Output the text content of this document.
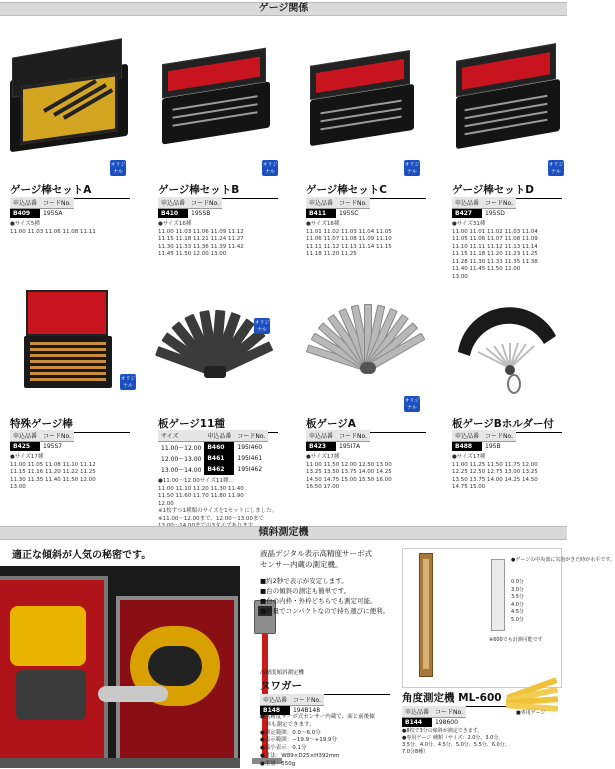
ゲージ関係
オリジナル
オリジナル
オリジナル
オリジナル
ゲージ棒セットA
申込品番	コードNo.
B409	195SA
●サイズ5種
11.00 11.03 11.06 11.08 11.11
ゲージ棒セットB
申込品番	コードNo.
B410	195SB
●サイズ16種
11.00 11.03 11.06 11.09 11.12
11.15 11.18 11.21 11.24 11.27
11.30 11.33 11.36 11.39 11.42
11.45 11.50 12.00 13.00
ゲージ棒セットC
申込品番	コードNo.
B411	195SC
●サイズ16種
11.01 11.02 11.03 11.04 11.05
11.06 11.07 11.08 11.09 11.10
11.11 11.12 11.13 11.14 11.15
11.18 11.20 11.25
ゲージ棒セットD
申込品番	コードNo.
B427	195SD
●サイズ31種
11.00 11.01 11.02 11.03 11.04
11.05 11.06 11.07 11.08 11.09
11.10 11.11 11.12 11.13 11.14
11.15 11.18 11.20 11.23 11.25
11.28 11.30 11.33 11.35 11.38
11.40 11.45 11.50 12.00
13.00
オリジナル
オリジナル
オリジナル
特殊ゲージ棒
申込品番	コードNo.
B425	195S7
●サイズ17種
11.00 11.05 11.08 11.10 11.12
11.15 11.16 11.20 11.22 11.25
11.30 11.35 11.40 11.50 12.00
13.00
板ゲージ11種
サイズ	申込品番	コードNo.
11.00〜12.00	B460	195I460
12.00〜13.00	B461	195I461
13.00〜14.00	B462	195I462
●11.00〜12.00サイズ11種…
11.00 11.10 11.20 11.30 11.40
11.50 11.60 11.70 11.80 11.90
12.00
※1枚ずつ1種類のサイズを1セットにしました。
※11.00〜12.00まで、12.00〜13.00まで
板ゲージA
申込品番	コードNo.
B423	195I7A
●サイズ17種
11.00 11.50 12.00 12.50 13.00
13.25 13.50 13.75 14.00 14.25
14.50 14.75 15.00 15.50 16.00
16.50 17.00
板ゲージBホルダー付
申込品番	コードNo.
B488	195B
●サイズ17種
11.00 11.25 11.50 11.75 12.00
12.25 12.50 12.75 13.00 13.25
13.50 13.75 14.00 14.25 14.50
14.75 15.00
傾斜測定機
適正な傾斜が人気の秘密です。	液晶デジタル表示高精度サーボ式
センサー内蔵の測定機。
■約2秒で表示が安定します。
■台の傾斜の測定も簡単です。
■台の内枠・外枠どちらでも測定可能。
■軽量でコンパクトなので持ち運びに便利。
高精度傾斜測定機
ヌワガー
申込品番	コードNo.
B148	194B148
●高精度サーボ式センサー内蔵で、面と前後傾
　斜も測定できます。
●測定範囲：0.0〜6.0分
●表示範囲：−19.9〜+19.9分
●最小表示：0.1分
●寸法：W89×D25×H392mm
●重量：550g
●ゲージの中央部に気泡がきた時が水平です。
0.0分
3.0分
3.5分
4.0分
4.5分
5.0分
※600でも計測可能です
角度測定機 ML-600
申込品番	コードNo.
B144	198600
●8枚で3分の傾斜が測定できます。
●専用ゲージ 種類（サイズ：2.0分、3.0分、
3.5分、4.0分、4.5分、5.0分、5.5分、6.0分、
7.0分8種）
■専用ゲージ
